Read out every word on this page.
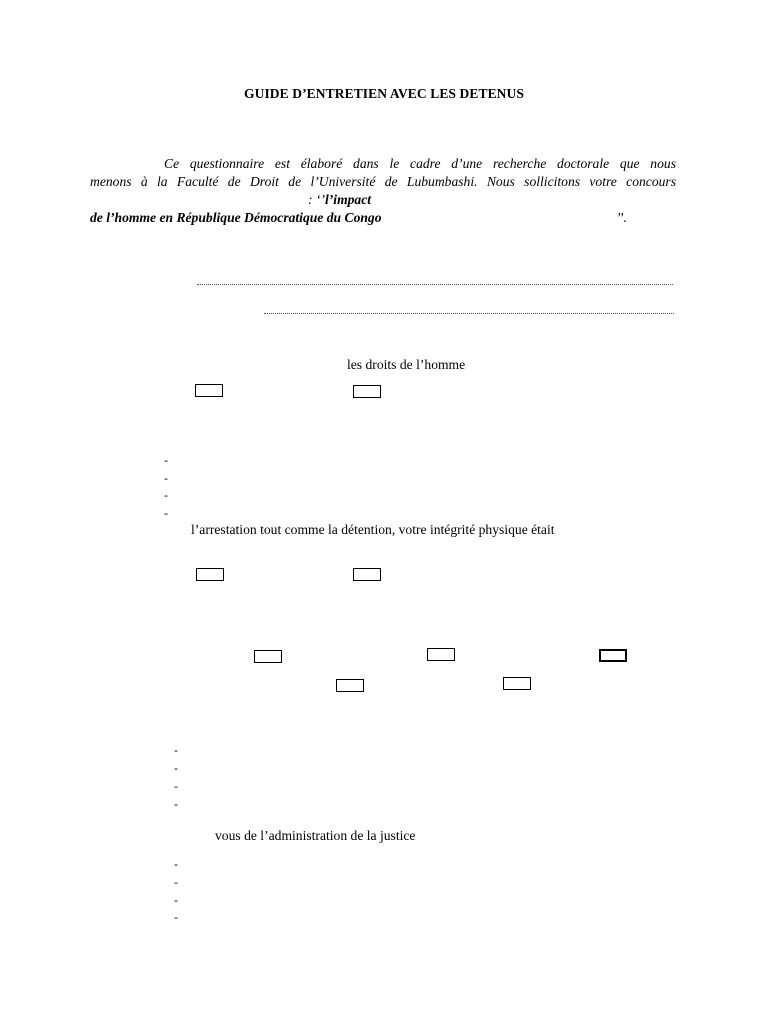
GUIDE D’ENTRETIEN AVEC LES DETENUS

Ce questionnaire est élaboré dans le cadre d’une recherche doctorale que nous

menons à la Faculté de Droit de l’Université de Lubumbashi. Nous sollicitons votre concours

: ‘’l’impact

de l’homme en République Démocratique du Congo	’’.

les droits de l’homme
-
-
-
-
l’arrestation tout comme la détention, votre intégrité physique était
-
-
-
-
vous de l’administration de la justice
-
-
-
-
